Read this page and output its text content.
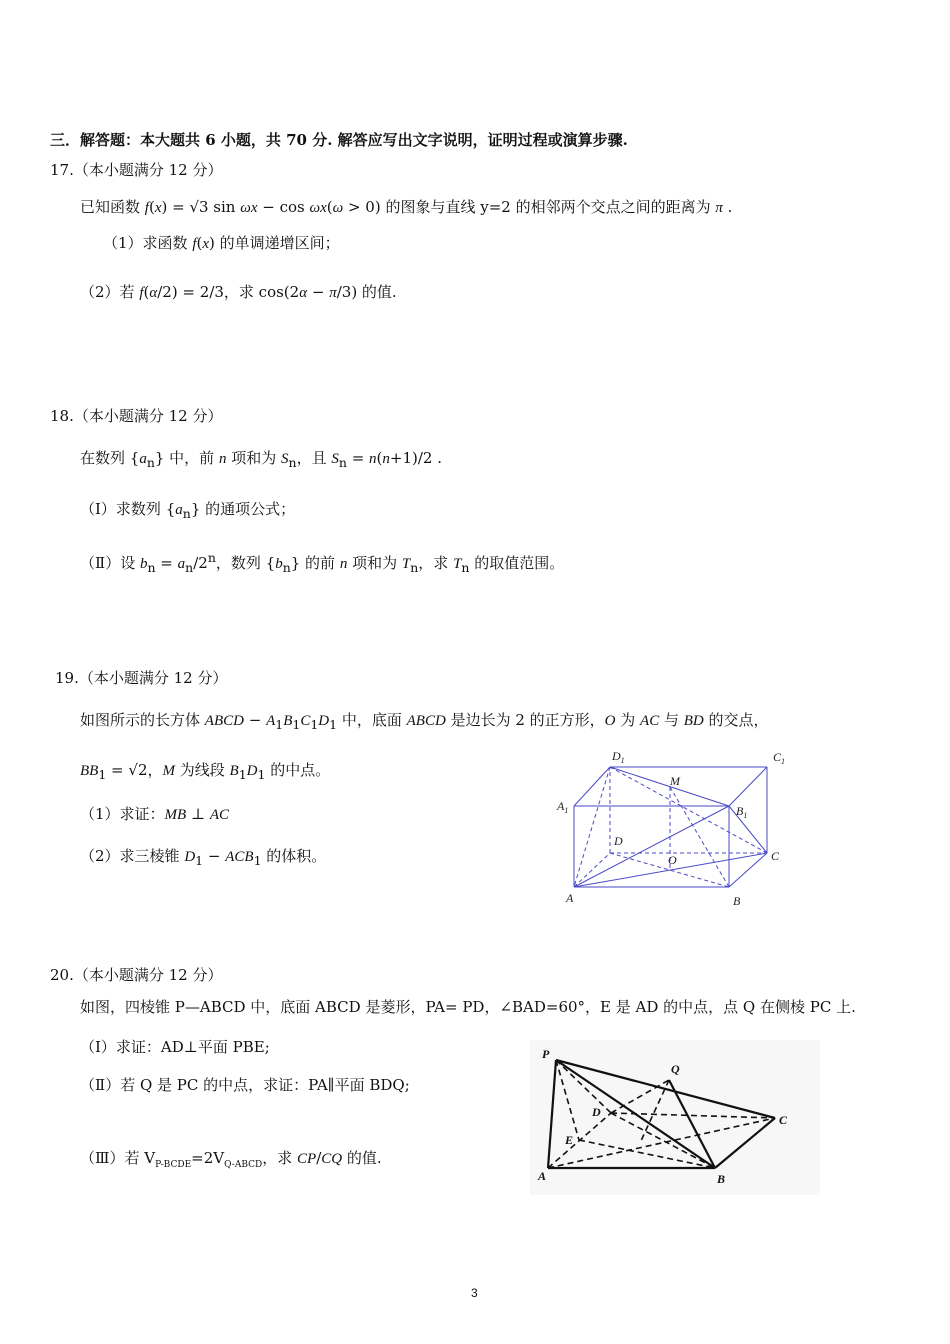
三．解答题：本大题共 6 小题，共 70 分. 解答应写出文字说明，证明过程或演算步骤.
17.（本小题满分 12 分）
已知函数 f(x) = √3 sin ωx − cos ωx(ω > 0) 的图象与直线 y=2 的相邻两个交点之间的距离为 π .
（1）求函数 f(x) 的单调递增区间；
（2）若 f(α/2) = 2/3，求 cos(2α − π/3) 的值.
18.（本小题满分 12 分）
在数列 $\{a_n\}$ 中，前 n 项和为 $S_n$，且 $S_n = n(n+1)/2$ .
（Ⅰ）求数列 $\{a_n\}$ 的通项公式；
（Ⅱ）设 $b_n = a_n/2^n$，数列 $\{b_n\}$ 的前 n 项和为 $T_n$，求 $T_n$ 的取值范围。
19.（本小题满分 12 分）
如图所示的长方体 ABCD − $A_1B_1C_1D_1$ 中，底面 ABCD 是边长为 2 的正方形，O 为 AC 与 BD 的交点，
$BB_1 = √2$，M 为线段 $B_1D_1$ 的中点。
（1）求证：MB ⊥ AC
（2）求三棱锥 $D_1 - ACB_1$ 的体积。
$D_1$	$C_1$
M
$A_1$	$B_1$
D
O	C
A	B
20.（本小题满分 12 分）
如图，四棱锥 P—ABCD 中，底面 ABCD 是菱形，PA= PD，∠BAD=60°，E 是 AD 的中点，点 Q 在侧棱 PC 上.
（Ⅰ）求证：AD⊥平面 PBE;
（Ⅱ）若 Q 是 PC 的中点，求证：PA∥平面 BDQ;
（Ⅲ）若 $V_{P-BCDE}=2V_{Q-ABCD}$，求 CP/CQ 的值.
P
Q
D
C
E
A	B
3
